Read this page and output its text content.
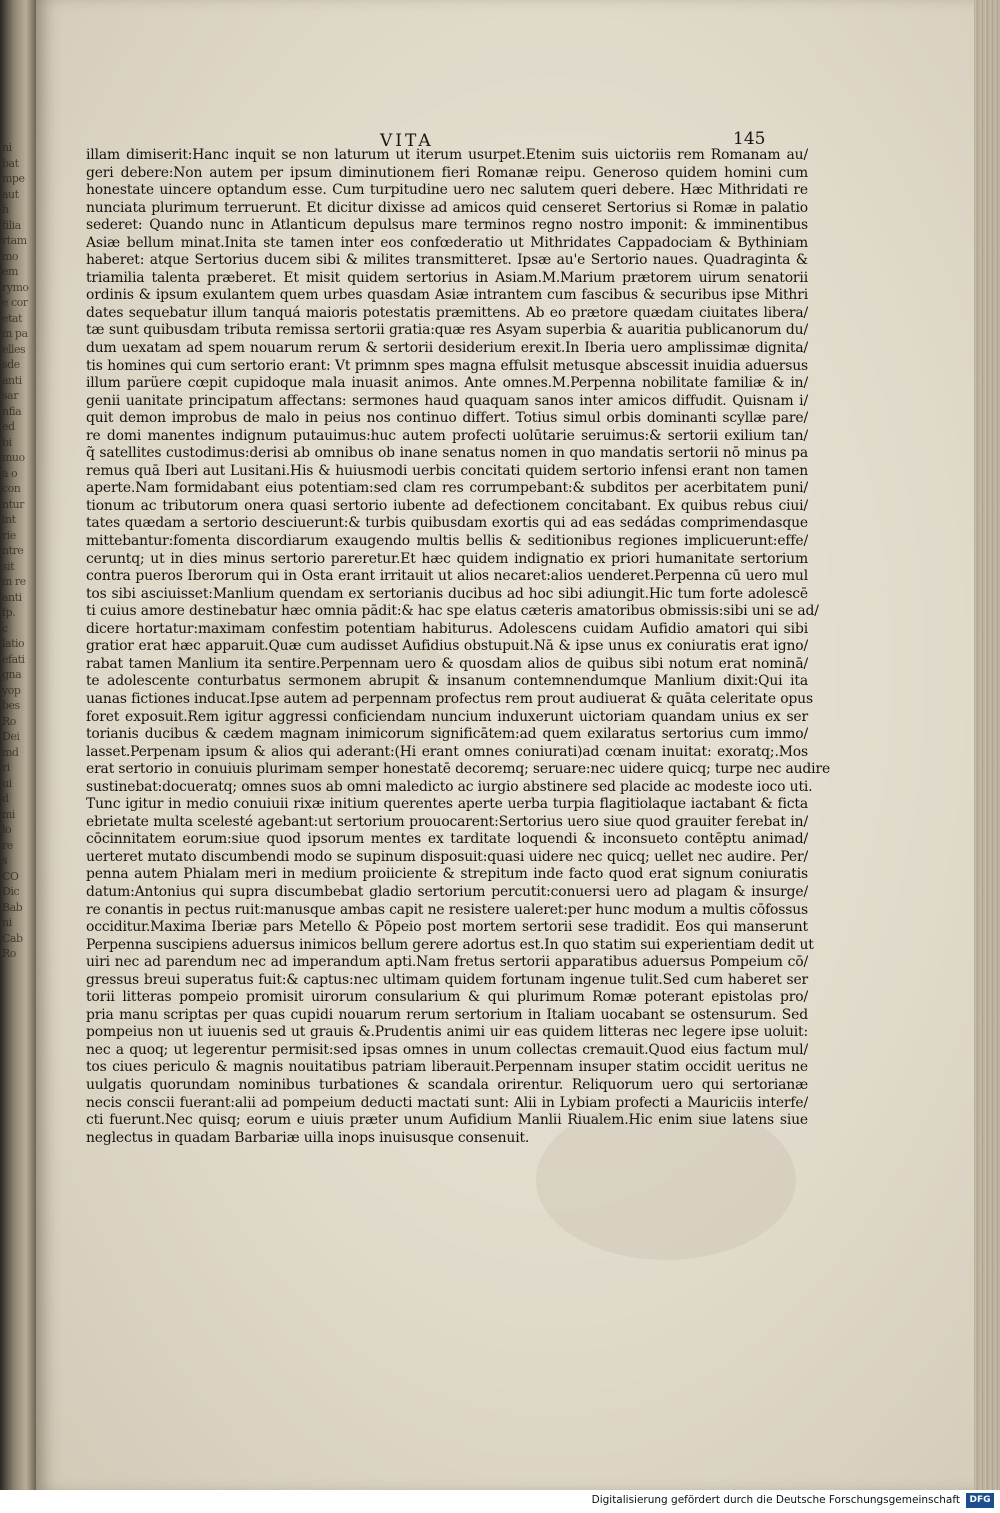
ni
bat
mpe
aut
h
filia
rtam
mo
em
rymo
e cor
etat
m pa
elles
sde
anti
sar
nfia
ed
bi
muo
a o
con
ntur
int
rie
ntre
sit
m re
anti
fp.
c
latio
efati
gna
yop
bes
Ro
Dei
md
ri
ui
d
mi
lo
re
s
CO
Dic
Bab
ni
Cab
Ro
VITA	145
illam dimiserit:Hanc inquit se non laturum ut iterum usurpet.Etenim suis uictoriis rem Romanam au/
geri debere:Non autem per ipsum diminutionem fieri Romanæ reipu. Generoso quidem homini cum
honestate uincere optandum esse. Cum turpitudine uero nec salutem queri debere. Hæc Mithridati re
nunciata plurimum terruerunt. Et dicitur dixisse ad amicos quid censeret Sertorius si Romæ in palatio
sederet: Quando nunc in Atlanticum depulsus mare terminos regno nostro imponit: & imminentibus
Asiæ bellum minat.Inita ste tamen inter eos confœderatio ut Mithridates Cappadociam & Bythiniam
haberet: atque Sertorius ducem sibi & milites transmitteret. Ipsæ au'e Sertorio naues. Quadraginta &
triamilia talenta præberet. Et misit quidem sertorius in Asiam.M.Marium prætorem uirum senatorii
ordinis & ipsum exulantem quem urbes quasdam Asiæ intrantem cum fascibus & securibus ipse Mithri
dates sequebatur illum tanquá maioris potestatis præmittens. Ab eo prætore quædam ciuitates libera/
tæ sunt quibusdam tributa remissa sertorii gratia:quæ res Asyam superbia & auaritia publicanorum du/
dum uexatam ad spem nouarum rerum & sertorii desiderium erexit.In Iberia uero amplissimæ dignita/
tis homines qui cum sertorio erant: Vt primnm spes magna effulsit metusque abscessit inuidia aduersus
illum parüere cœpit cupidoque mala inuasit animos. Ante omnes.M.Perpenna nobilitate familiæ & in/
genii uanitate principatum affectans: sermones haud quaquam sanos inter amicos diffudit. Quisnam i/
quit demon improbus de malo in peius nos continuo differt. Totius simul orbis dominanti scyllæ pare/
re domi manentes indignum putauimus:huc autem profecti uolūtarie seruimus:& sertorii exilium tan/
q̃ satellites custodimus:derisi ab omnibus ob inane senatus nomen in quo mandatis sertorii nō minus pa
remus quā Iberi aut Lusitani.His & huiusmodi uerbis concitati quidem sertorio infensi erant non tamen
aperte.Nam formidabant eius potentiam:sed clam res corrumpebant:& subditos per acerbitatem puni/
tionum ac tributorum onera quasi sertorio iubente ad defectionem concitabant. Ex quibus rebus ciui/
tates quædam a sertorio desciuerunt:& turbis quibusdam exortis qui ad eas sedádas comprimendasque
mittebantur:fomenta discordiarum exaugendo multis bellis & seditionibus regiones implicuerunt:effe/
ceruntq; ut in dies minus sertorio pareretur.Et hæc quidem indignatio ex priori humanitate sertorium
contra pueros Iberorum qui in Osta erant irritauit ut alios necaret:alios uenderet.Perpenna cū uero mul
tos sibi asciuisset:Manlium quendam ex sertorianis ducibus ad hoc sibi adiungit.Hic tum forte adolescē
ti cuius amore destinebatur hæc omnia pādit:& hac spe elatus cæteris amatoribus obmissis:sibi uni se ad/
dicere hortatur:maximam confestim potentiam habiturus. Adolescens cuidam Aufidio amatori qui sibi
gratior erat hæc apparuit.Quæ cum audisset Aufidius obstupuit.Nā & ipse unus ex coniuratis erat igno/
rabat tamen Manlium ita sentire.Perpennam uero & quosdam alios de quibus sibi notum erat nominā/
te adolescente conturbatus sermonem abrupit & insanum contemnendumque Manlium dixit:Qui ita
uanas fictiones inducat.Ipse autem ad perpennam profectus rem prout audiuerat & quāta celeritate opus
foret exposuit.Rem igitur aggressi conficiendam nuncium induxerunt uictoriam quandam unius ex ser
torianis ducibus & cædem magnam inimicorum significātem:ad quem exilaratus sertorius cum immo/
lasset.Perpenam ipsum & alios qui aderant:(Hi erant omnes coniurati)ad cœnam inuitat: exoratq;.Mos
erat sertorio in conuiuis plurimam semper honestatē decoremq; seruare:nec uidere quicq; turpe nec audire
sustinebat:docueratq; omnes suos ab omni maledicto ac iurgio abstinere sed placide ac modeste ioco uti.
Tunc igitur in medio conuiuii rixæ initium querentes aperte uerba turpia flagitiolaque iactabant & ficta
ebrietate multa scelesté agebant:ut sertorium prouocarent:Sertorius uero siue quod grauiter ferebat in/
cōcinnitatem eorum:siue quod ipsorum mentes ex tarditate loquendi & inconsueto contēptu animad/
uerteret mutato discumbendi modo se supinum disposuit:quasi uidere nec quicq; uellet nec audire. Per/
penna autem Phialam meri in medium proiiciente & strepitum inde facto quod erat signum coniuratis
datum:Antonius qui supra discumbebat gladio sertorium percutit:conuersi uero ad plagam & insurge/
re conantis in pectus ruit:manusque ambas capit ne resistere ualeret:per hunc modum a multis cōfossus
occiditur.Maxima Iberiæ pars Metello & Pōpeio post mortem sertorii sese tradidit. Eos qui manserunt
Perpenna suscipiens aduersus inimicos bellum gerere adortus est.In quo statim sui experientiam dedit ut
uiri nec ad parendum nec ad imperandum apti.Nam fretus sertorii apparatibus aduersus Pompeium cō/
gressus breui superatus fuit:& captus:nec ultimam quidem fortunam ingenue tulit.Sed cum haberet ser
torii litteras pompeio promisit uirorum consularium & qui plurimum Romæ poterant epistolas pro/
pria manu scriptas per quas cupidi nouarum rerum sertorium in Italiam uocabant se ostensurum. Sed
pompeius non ut iuuenis sed ut grauis &.Prudentis animi uir eas quidem litteras nec legere ipse uoluit:
nec a quoq; ut legerentur permisit:sed ipsas omnes in unum collectas cremauit.Quod eius factum mul/
tos ciues periculo & magnis nouitatibus patriam liberauit.Perpennam insuper statim occidit ueritus ne
uulgatis quorundam nominibus turbationes & scandala orirentur. Reliquorum uero qui sertorianæ
necis conscii fuerant:alii ad pompeium deducti mactati sunt: Alii in Lybiam profecti a Mauriciis interfe/
cti fuerunt.Nec quisq; eorum e uiuis præter unum Aufidium Manlii Riualem.Hic enim siue latens siue
neglectus in quadam Barbariæ uilla inops inuisusque consenuit.
Digitalisierung gefördert durch die Deutsche Forschungsgemeinschaft	DFG
